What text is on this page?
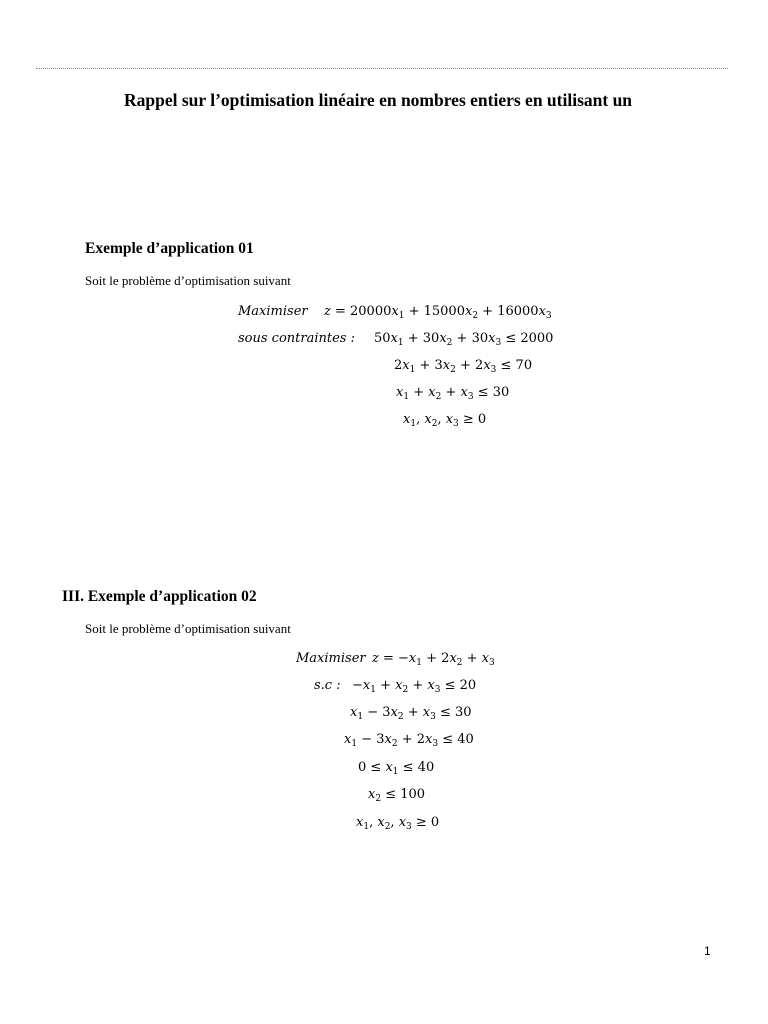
Rappel sur l’optimisation linéaire en nombres entiers en utilisant un
Exemple d’application 01
Soit le problème d’optimisation suivant
Maximiser $z = 20000x_1 + 15000x_2 + 16000x_3$
sous contraintes : $50x_1 + 30x_2 + 30x_3 \le 2000$
$2x_1 + 3x_2 + 2x_3 \le 70$
$x_1 + x_2 + x_3 \le 30$
$x_1$, $x_2$, $x_3 \ge 0$
III. Exemple d’application 02
Soit le problème d’optimisation suivant
Maximiser $z = -x_1 + 2x_2 + x_3$
s.c : $-x_1 + x_2 + x_3 \le 20$
$x_1 - 3x_2 + x_3 \le 30$
$x_1 - 3x_2 + 2x_3 \le 40$
$0 \le x_1 \le 40$
$x_2 \le 100$
$x_1$, $x_2$, $x_3 \ge 0$
1
